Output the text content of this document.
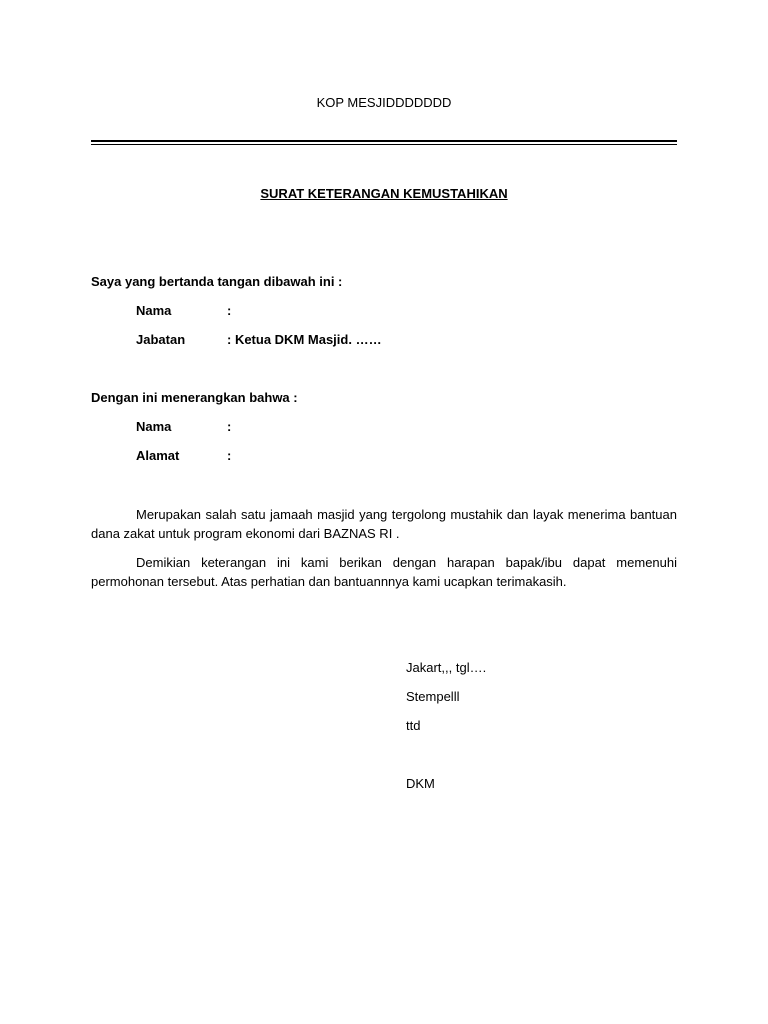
KOP MESJIDDDDDDD
SURAT KETERANGAN KEMUSTAHIKAN
Saya yang bertanda tangan dibawah ini :
Nama	:
Jabatan	: Ketua DKM Masjid. ……
Dengan ini menerangkan bahwa :
Nama	:
Alamat	:
Merupakan salah satu jamaah masjid yang tergolong mustahik dan layak menerima bantuan dana zakat untuk program ekonomi dari BAZNAS RI .
Demikian keterangan ini kami berikan dengan harapan bapak/ibu dapat memenuhi permohonan tersebut. Atas perhatian dan bantuannnya kami ucapkan terimakasih.
Jakart,,, tgl….
Stempelll
ttd
DKM
